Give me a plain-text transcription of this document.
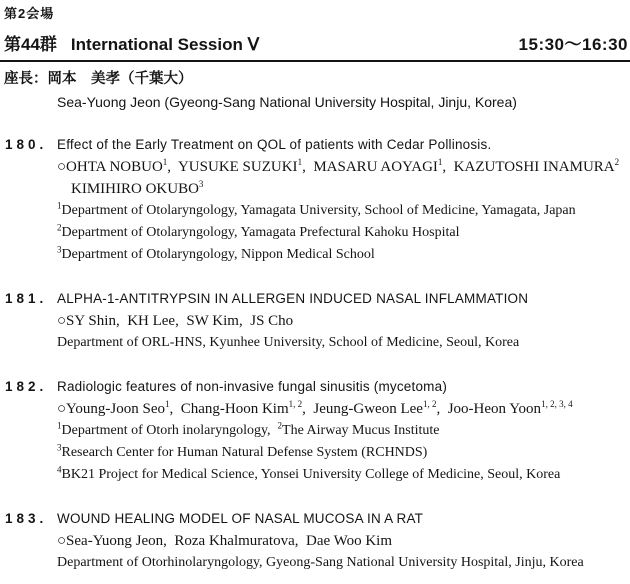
第2会場
第44群 International Session Ⅴ	15:30～16:30
座長：岡本　美孝（千葉大）
Sea-Yuong Jeon (Gyeong-Sang National University Hospital, Jinju, Korea)
180. Effect of the Early Treatment on QOL of patients with Cedar Pollinosis.
○OHTA NOBUO$^1$,  YUSUKE SUZUKI$^1$,  MASARU AOYAGI$^1$,  KAZUTOSHI INAMURA$^2$
KIMIHIRO OKUBO$^3$
$^1$Department of Otolaryngology, Yamagata University, School of Medicine, Yamagata, Japan
$^2$Department of Otolaryngology, Yamagata Prefectural Kahoku Hospital
$^3$Department of Otolaryngology, Nippon Medical School
181. ALPHA-1-ANTITRYPSIN IN ALLERGEN INDUCED NASAL INFLAMMATION
○SY Shin,  KH Lee,  SW Kim,  JS Cho
Department of ORL-HNS, Kyunhee University, School of Medicine, Seoul, Korea
182. Radiologic features of non-invasive fungal sinusitis (mycetoma)
○Young-Joon Seo$^1$,  Chang-Hoon Kim$^{1, 2}$,  Jeung-Gweon Lee$^{1, 2}$,  Joo-Heon Yoon$^{1, 2, 3, 4}$
$^1$Department of Otorh inolaryngology,  $^2$The Airway Mucus Institute
$^3$Research Center for Human Natural Defense System (RCHNDS)
$^4$BK21 Project for Medical Science, Yonsei University College of Medicine, Seoul, Korea
183. WOUND HEALING MODEL OF NASAL MUCOSA IN A RAT
○Sea-Yuong Jeon,  Roza Khalmuratova,  Dae Woo Kim
Department of Otorhinolaryngology, Gyeong-Sang National University Hospital, Jinju, Korea
